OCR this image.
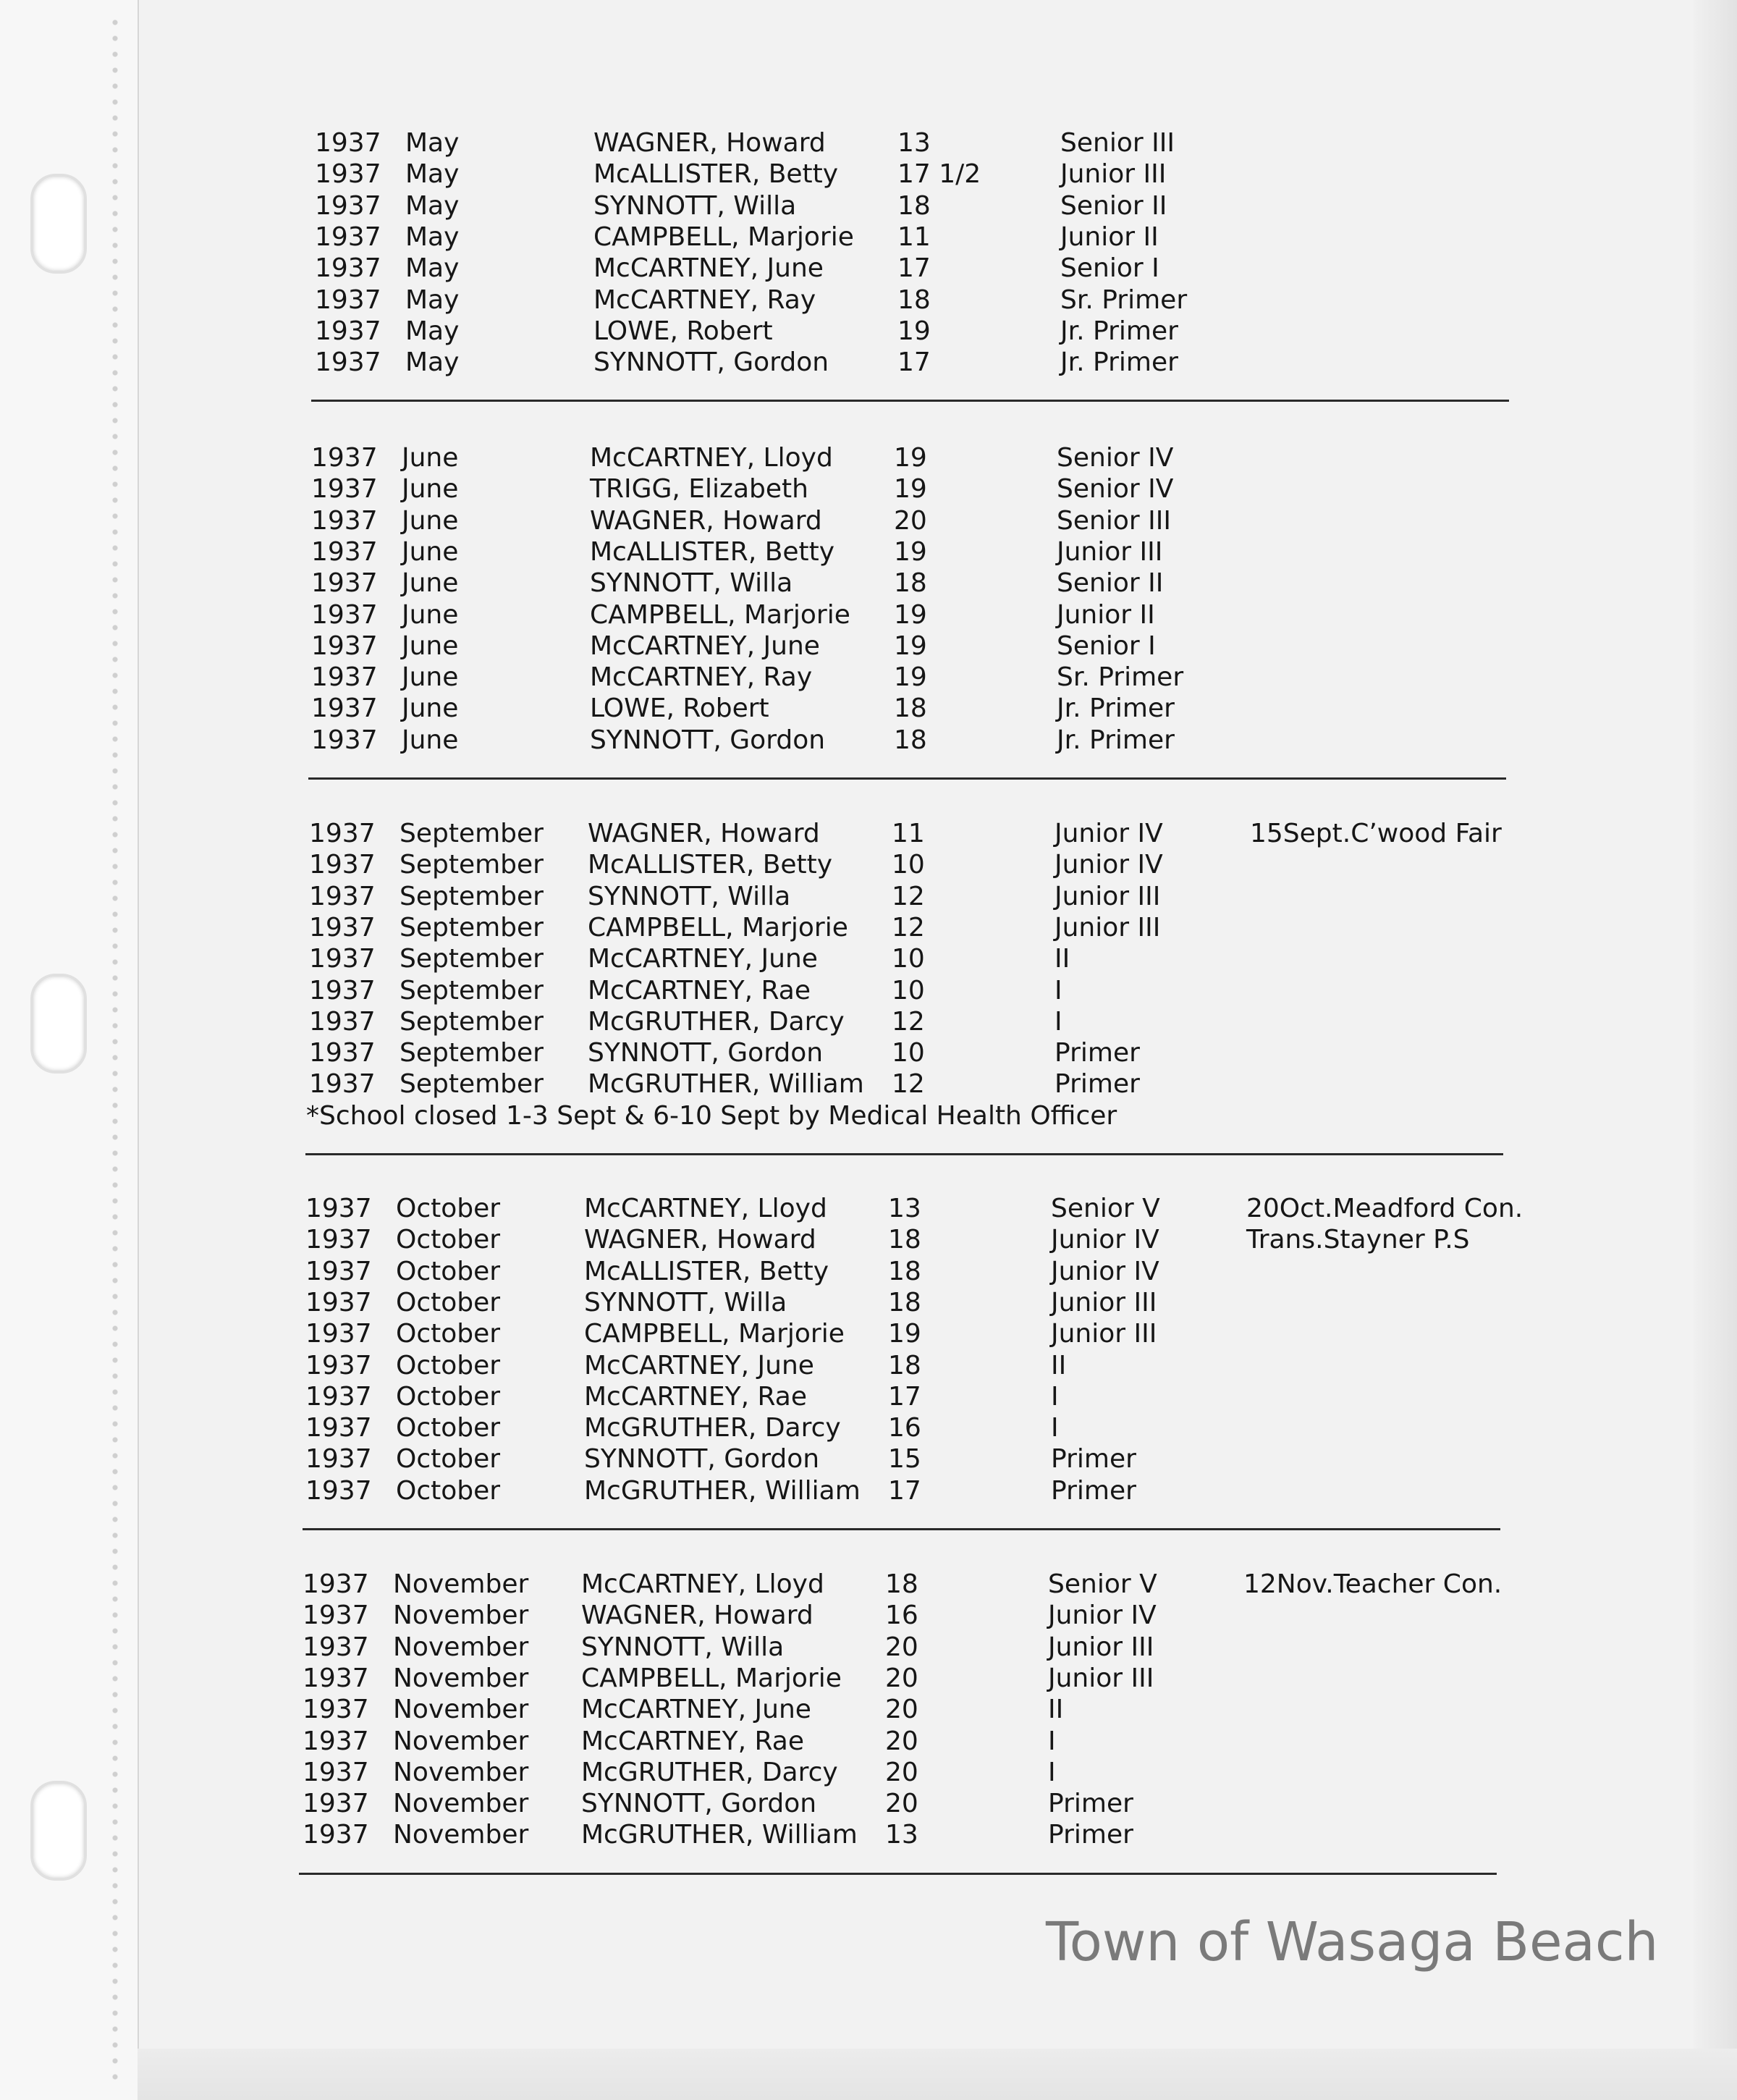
1937 May	WAGNER, Howard	13	Senior III
1937 May	McALLISTER, Betty 17 1/2	Junior III
1937 May	SYNNOTT, Willa	18	Senior II
1937 May	CAMPBELL, Marjorie 11	Junior II
1937 May	McCARTNEY, June	17	Senior I
1937 May	McCARTNEY, Ray	18	Sr. Primer
1937 May	LOWE, Robert	19	Jr. Primer
1937 May	SYNNOTT, Gordon	17	Jr. Primer
1937 June	McCARTNEY, Lloyd 19	Senior IV
1937 June	TRIGG, Elizabeth	19	Senior IV
1937 June	WAGNER, Howard	20	Senior III
1937 June	McALLISTER, Betty 19	Junior III
1937 June	SYNNOTT, Willa	18	Senior II
1937 June	CAMPBELL, Marjorie 19	Junior II
1937 June	McCARTNEY, June	19	Senior I
1937 June	McCARTNEY, Ray	19	Sr. Primer
1937 June	LOWE, Robert	18	Jr. Primer
1937 June	SYNNOTT, Gordon	18	Jr. Primer
1937 September WAGNER, Howard	11	Junior IV	15Sept.C’wood Fair
1937 September McALLISTER, Betty 10	Junior IV
1937 September SYNNOTT, Willa	12	Junior III
1937 September CAMPBELL, Marjorie 12	Junior III
1937 September McCARTNEY, June	10	II
1937 September McCARTNEY, Rae	10	I
1937 September McGRUTHER, Darcy 12	I
1937 September SYNNOTT, Gordon	10	Primer
1937 September McGRUTHER, William 12	Primer
*School closed 1-3 Sept & 6-10 Sept by Medical Health Officer
1937 October	McCARTNEY, Lloyd 13	Senior V	20Oct.Meadford Con.
1937 October	WAGNER, Howard	18	Junior IV	Trans.Stayner P.S
1937 October	McALLISTER, Betty 18	Junior IV
1937 October	SYNNOTT, Willa	18	Junior III
1937 October	CAMPBELL, Marjorie 19	Junior III
1937 October	McCARTNEY, June	18	II
1937 October	McCARTNEY, Rae	17	I
1937 October	McGRUTHER, Darcy 16	I
1937 October	SYNNOTT, Gordon	15	Primer
1937 October	McGRUTHER, William 17	Primer
1937 November McCARTNEY, Lloyd 18	Senior V	12Nov.Teacher Con.
1937 November WAGNER, Howard	16	Junior IV
1937 November SYNNOTT, Willa	20	Junior III
1937 November CAMPBELL, Marjorie 20	Junior III
1937 November McCARTNEY, June	20	II
1937 November McCARTNEY, Rae	20	I
1937 November McGRUTHER, Darcy 20	I
1937 November SYNNOTT, Gordon	20	Primer
1937 November McGRUTHER, William 13	Primer
Town of Wasaga Beach
